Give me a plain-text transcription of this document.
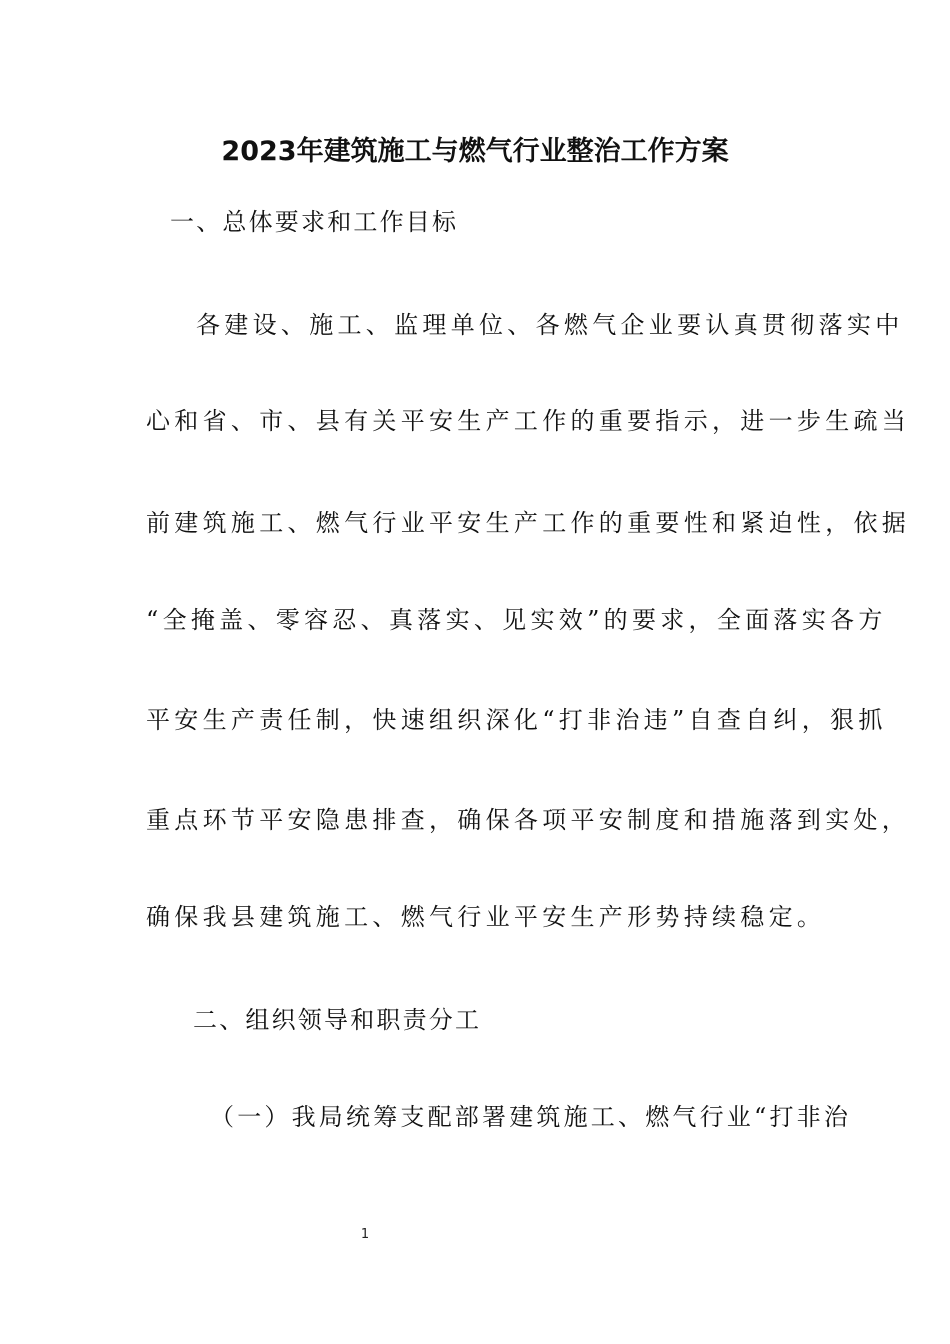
2023年建筑施工与燃气行业整治工作方案
一、总体要求和工作目标
各建设、施工、监理单位、各燃气企业要认真贯彻落实中
心和省、市、县有关平安生产工作的重要指示，进一步生疏当
前建筑施工、燃气行业平安生产工作的重要性和紧迫性，依据
“全掩盖、零容忍、真落实、见实效”的要求，全面落实各方
平安生产责任制，快速组织深化“打非治违”自查自纠，狠抓
重点环节平安隐患排查，确保各项平安制度和措施落到实处，
确保我县建筑施工、燃气行业平安生产形势持续稳定。
二、组织领导和职责分工
（一）我局统筹支配部署建筑施工、燃气行业“打非治
1
